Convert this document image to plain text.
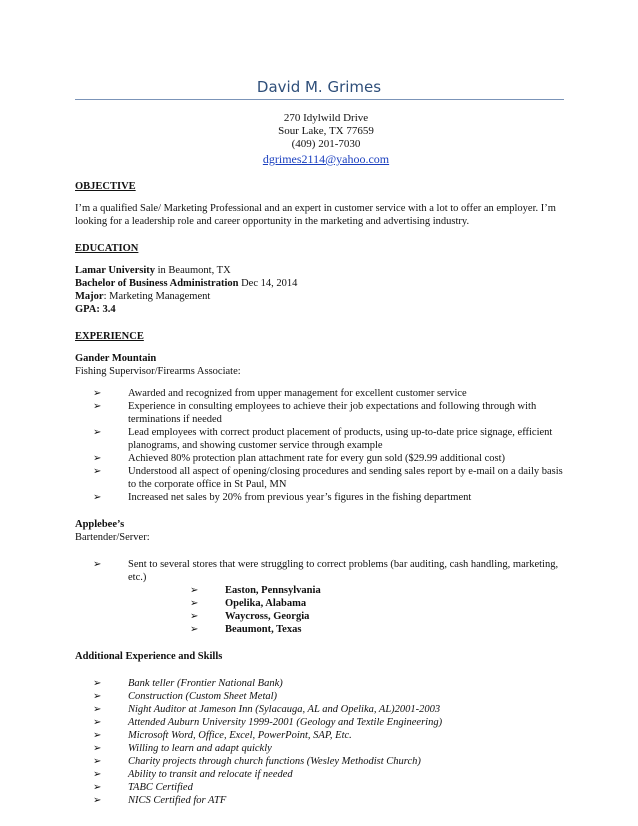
David M. Grimes
270 Idylwild Drive
Sour Lake, TX 77659
(409) 201-7030
dgrimes2114@yahoo.com

OBJECTIVE

I’m a qualified Sale/ Marketing Professional and an expert in customer service with a lot to offer an employer. I’m looking for a leadership role and career opportunity in the marketing and advertising industry.

EDUCATION

Lamar University in Beaumont, TX

Bachelor of Business Administration Dec 14, 2014

Major: Marketing Management

GPA: 3.4

EXPERIENCE

Gander Mountain

Fishing Supervisor/Firearms Associate:

➢	Awarded and recognized from upper management for excellent customer service
➢	Experience in consulting employees to achieve their job expectations and following through with terminations if needed
➢	Lead employees with correct product placement of products, using up-to-date price signage, efficient planograms, and showing customer service through example
➢	Achieved 80% protection plan attachment rate for every gun sold ($29.99 additional cost)
➢	Understood all aspect of opening/closing procedures and sending sales report by e-mail on a daily basis to the corporate office in St Paul, MN
➢	Increased net sales by 20% from previous year’s figures in the fishing department

Applebee’s

Bartender/Server:

➢	Sent to several stores that were struggling to correct problems (bar auditing, cash handling, marketing, etc.)
➢	Easton, Pennsylvania
➢	Opelika, Alabama
➢	Waycross, Georgia
➢	Beaumont, Texas

Additional Experience and Skills

➢	Bank teller (Frontier National Bank)
➢	Construction (Custom Sheet Metal)
➢	Night Auditor at Jameson Inn (Sylacauga, AL and Opelika, AL)2001-2003
➢	Attended Auburn University 1999-2001 (Geology and Textile Engineering)
➢	Microsoft Word, Office, Excel, PowerPoint, SAP, Etc.
➢	Willing to learn and adapt quickly
➢	Charity projects through church functions (Wesley Methodist Church)
➢	Ability to transit and relocate if needed
➢	TABC Certified
➢	NICS Certified for ATF
